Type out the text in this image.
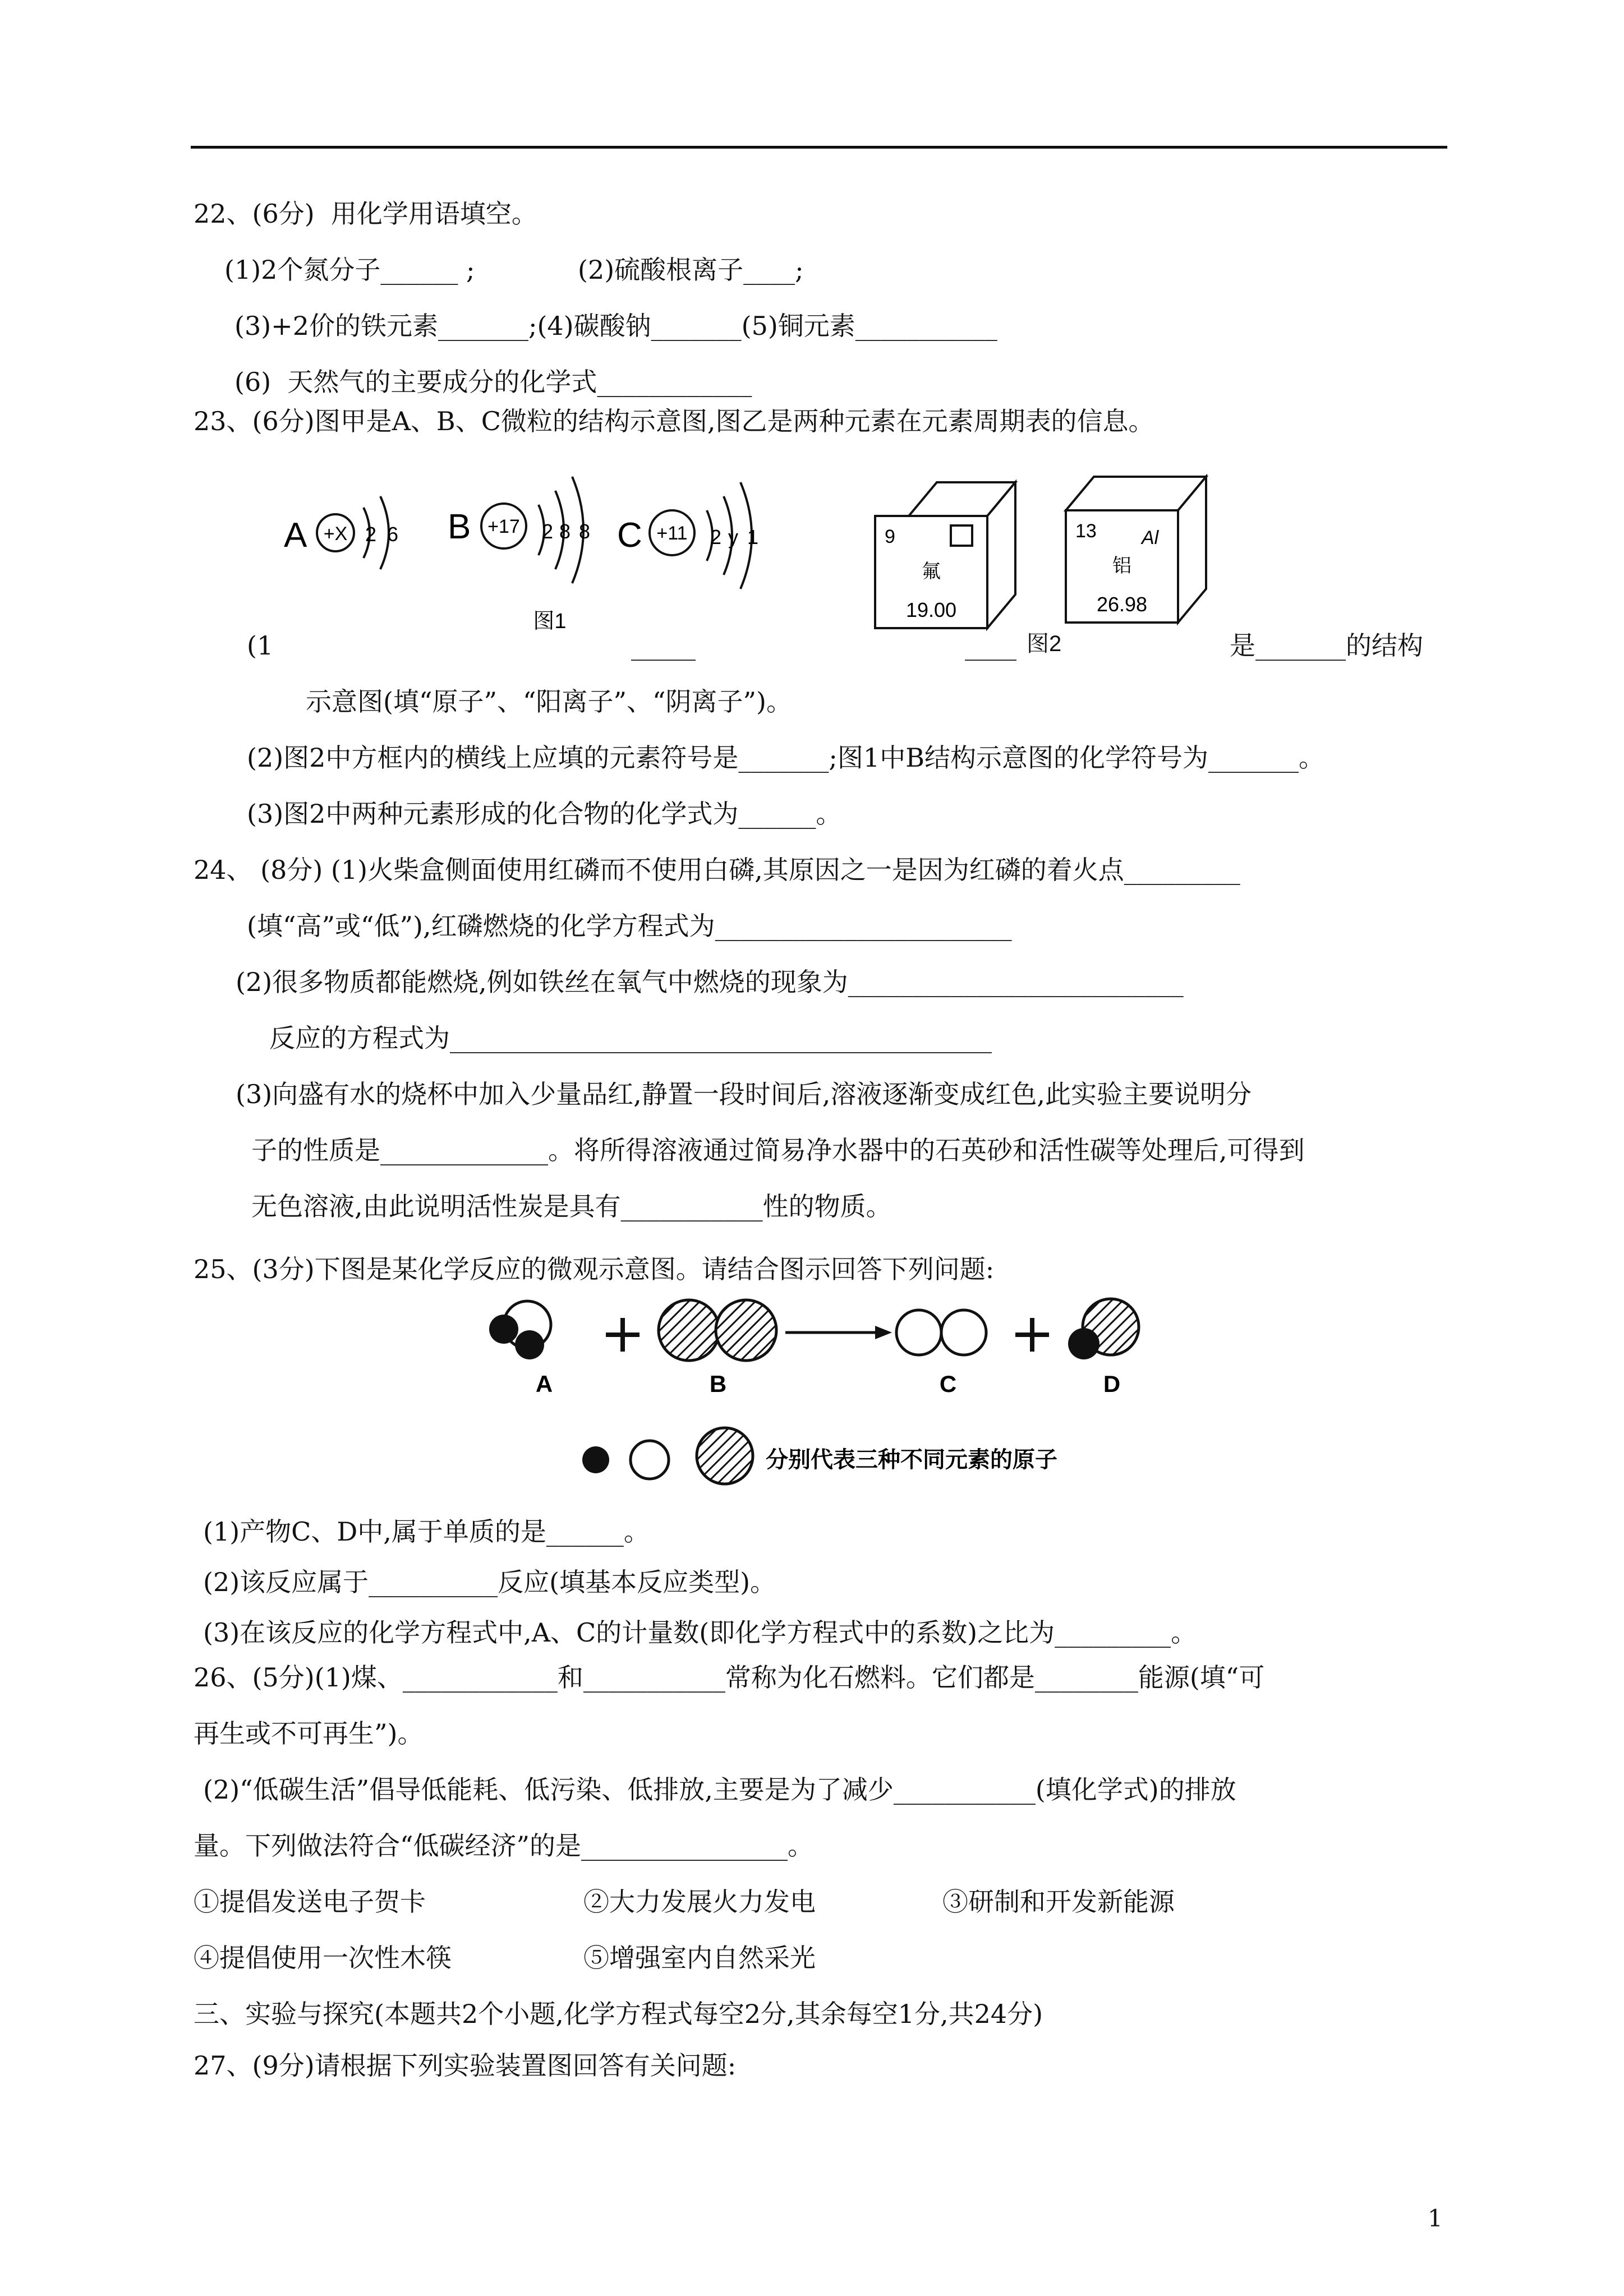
22、(6分)  用化学用语填空。
(1)2个氮分子______ ;	(2)硫酸根离子____;
(3)+2价的铁元素_______;(4)碳酸钠_______(5)铜元素___________
(6)  天然气的主要成分的化学式____________
23、(6分)图甲是A、B、C微粒的结构示意图,图乙是两种元素在元素周期表的信息。
A +X 2 6 B +17 2 8 8 C +11 2 y 1
图1
9
氟
19.00
13 Al
铝
26.98
(1	_____	____ 图2	是_______的结构
示意图(填“原子”、“阳离子”、“阴离子”)。
(2)图2中方框内的横线上应填的元素符号是_______;图1中B结构示意图的化学符号为_______。
(3)图2中两种元素形成的化合物的化学式为______。
24、 (8分) (1)火柴盒侧面使用红磷而不使用白磷,其原因之一是因为红磷的着火点_________
(填“高”或“低”),红磷燃烧的化学方程式为_______________________
(2)很多物质都能燃烧,例如铁丝在氧气中燃烧的现象为__________________________
反应的方程式为__________________________________________
(3)向盛有水的烧杯中加入少量品红,静置一段时间后,溶液逐渐变成红色,此实验主要说明分
子的性质是_____________。将所得溶液通过简易净水器中的石英砂和活性碳等处理后,可得到
无色溶液,由此说明活性炭是具有___________性的物质。
25、(3分)下图是某化学反应的微观示意图。请结合图示回答下列问题:
A	B	C	D
分别代表三种不同元素的原子
(1)产物C、D中,属于单质的是______。
(2)该反应属于__________反应(填基本反应类型)。
(3)在该反应的化学方程式中,A、C的计量数(即化学方程式中的系数)之比为_________。
26、(5分)(1)煤、____________和___________常称为化石燃料。它们都是________能源(填“可
再生或不可再生”)。
(2)“低碳生活”倡导低能耗、低污染、低排放,主要是为了减少___________(填化学式)的排放
量。下列做法符合“低碳经济”的是________________。
①提倡发送电子贺卡	②大力发展火力发电	③研制和开发新能源
④提倡使用一次性木筷	⑤增强室内自然采光
三、实验与探究(本题共2个小题,化学方程式每空2分,其余每空1分,共24分)
27、(9分)请根据下列实验装置图回答有关问题:
1
